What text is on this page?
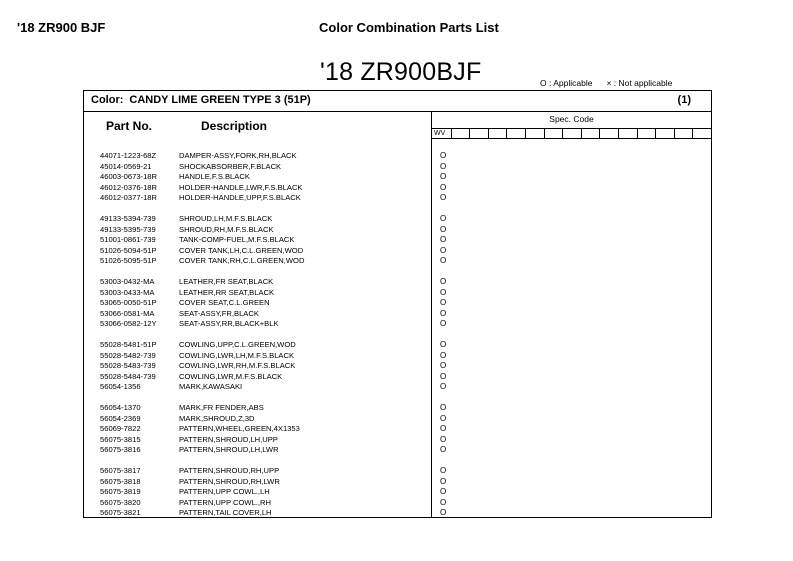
'18 ZR900 BJF	Color Combination Parts List
'18 ZR900BJF	O : Applicable × : Not applicable
Color: CANDY LIME GREEN TYPE 3 (51P)	(1)
Part No.	Description	Spec. Code
WV
44071-1223-68Z	DAMPER-ASSY,FORK,RH,BLACK	O
45014-0569-21	SHOCKABSORBER,F.BLACK	O
46003-0673-18R	HANDLE,F.S.BLACK	O
46012-0376-18R	HOLDER-HANDLE,LWR,F.S.BLACK	O
46012-0377-18R	HOLDER-HANDLE,UPP,F.S.BLACK	O
49133-5394-739	SHROUD,LH,M.F.S.BLACK	O
49133-5395-739	SHROUD,RH,M.F.S.BLACK	O
51001-0861-739	TANK-COMP-FUEL,M.F.S.BLACK	O
51026-5094-51P	COVER TANK,LH,C.L.GREEN,WOD	O
51026-5095-51P	COVER TANK,RH,C.L.GREEN,WOD	O
53003-0432-MA	LEATHER,FR SEAT,BLACK	O
53003-0433-MA	LEATHER,RR SEAT,BLACK	O
53065-0050-51P	COVER SEAT,C.L.GREEN	O
53066-0581-MA	SEAT-ASSY,FR,BLACK	O
53066-0582-12Y	SEAT-ASSY,RR,BLACK+BLK	O
55028-5481-51P	COWLING,UPP,C.L.GREEN,WOD	O
55028-5482-739	COWLING,LWR,LH,M.F.S.BLACK	O
55028-5483-739	COWLING,LWR,RH,M.F.S.BLACK	O
55028-5484-739	COWLING,LWR,M.F.S.BLACK	O
56054-1356	MARK,KAWASAKI	O
56054-1370	MARK,FR FENDER,ABS	O
56054-2369	MARK,SHROUD,Z,3D	O
56069-7822	PATTERN,WHEEL,GREEN,4X1353	O
56075-3815	PATTERN,SHROUD,LH,UPP	O
56075-3816	PATTERN,SHROUD,LH,LWR	O
56075-3817	PATTERN,SHROUD,RH,UPP	O
56075-3818	PATTERN,SHROUD,RH,LWR	O
56075-3819	PATTERN,UPP COWL.,LH	O
56075-3820	PATTERN,UPP COWL.,RH	O
56075-3821	PATTERN,TAIL COVER,LH	O
